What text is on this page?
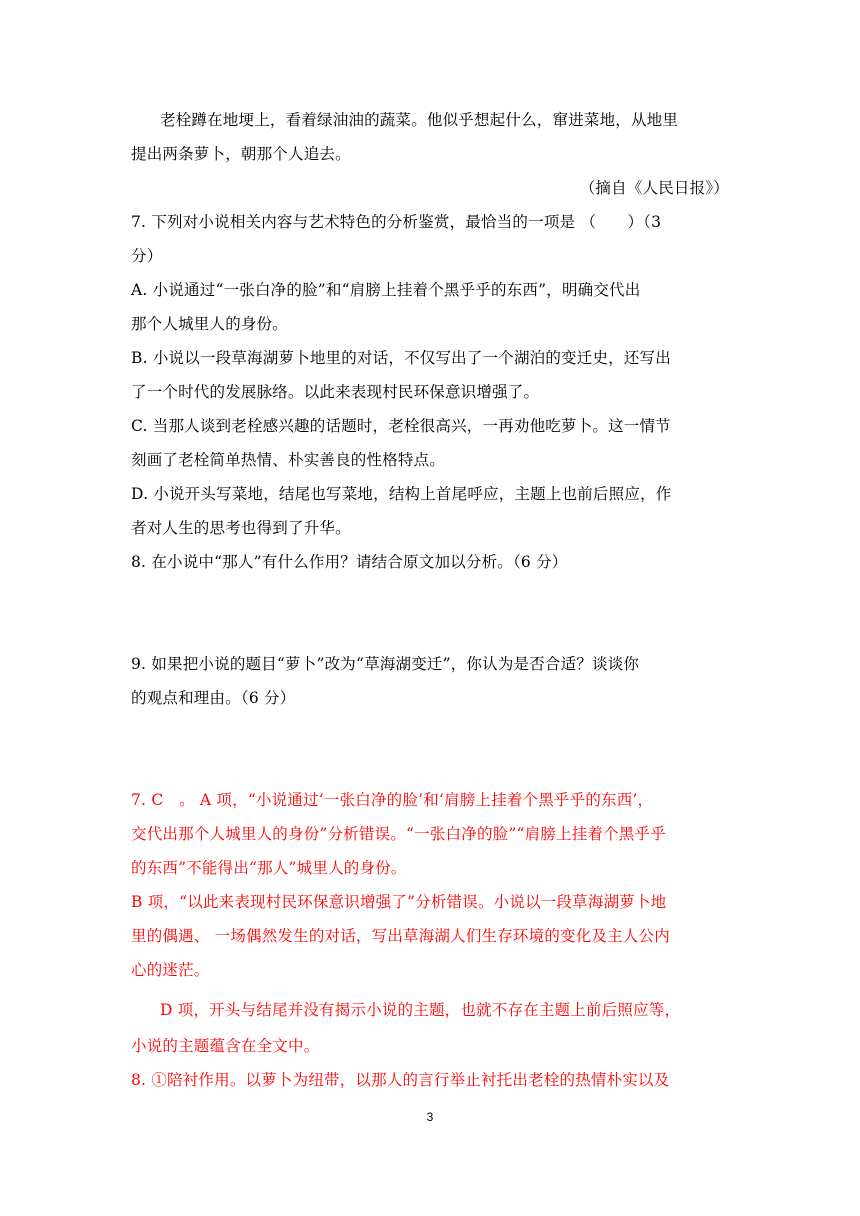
老栓蹲在地埂上，看着绿油油的蔬菜。他似乎想起什么，窜进菜地，从地里
提出两条萝卜，朝那个人追去。
（摘自《人民日报》）
7. 下列对小说相关内容与艺术特色的分析鉴赏，最恰当的一项是 （　　）（3
分）
A. 小说通过“一张白净的脸”和“肩膀上挂着个黑乎乎的东西”，明确交代出
那个人城里人的身份。
B. 小说以一段草海湖萝卜地里的对话，不仅写出了一个湖泊的变迁史，还写出
了一个时代的发展脉络。以此来表现村民环保意识增强了。
C. 当那人谈到老栓感兴趣的话题时，老栓很高兴，一再劝他吃萝卜。这一情节
刻画了老栓简单热情、朴实善良的性格特点。
D. 小说开头写菜地，结尾也写菜地，结构上首尾呼应，主题上也前后照应，作
者对人生的思考也得到了升华。
8. 在小说中“那人”有什么作用？请结合原文加以分析。（6 分）
9. 如果把小说的题目“萝卜”改为“草海湖变迁”，你认为是否合适？谈谈你
的观点和理由。（6 分）
7. C　。 A 项，“小说通过‘一张白净的脸’和‘肩膀上挂着个黑乎乎的东西’，
交代出那个人城里人的身份”分析错误。“一张白净的脸”“肩膀上挂着个黑乎乎
的东西”不能得出“那人”城里人的身份。
B 项，“以此来表现村民环保意识增强了”分析错误。小说以一段草海湖萝卜地
里的偶遇、 一场偶然发生的对话，写出草海湖人们生存环境的变化及主人公内
心的迷茫。
D 项，开头与结尾并没有揭示小说的主题，也就不存在主题上前后照应等，
小说的主题蕴含在全文中。
8. ①陪衬作用。以萝卜为纽带，以那人的言行举止衬托出老栓的热情朴实以及
3
